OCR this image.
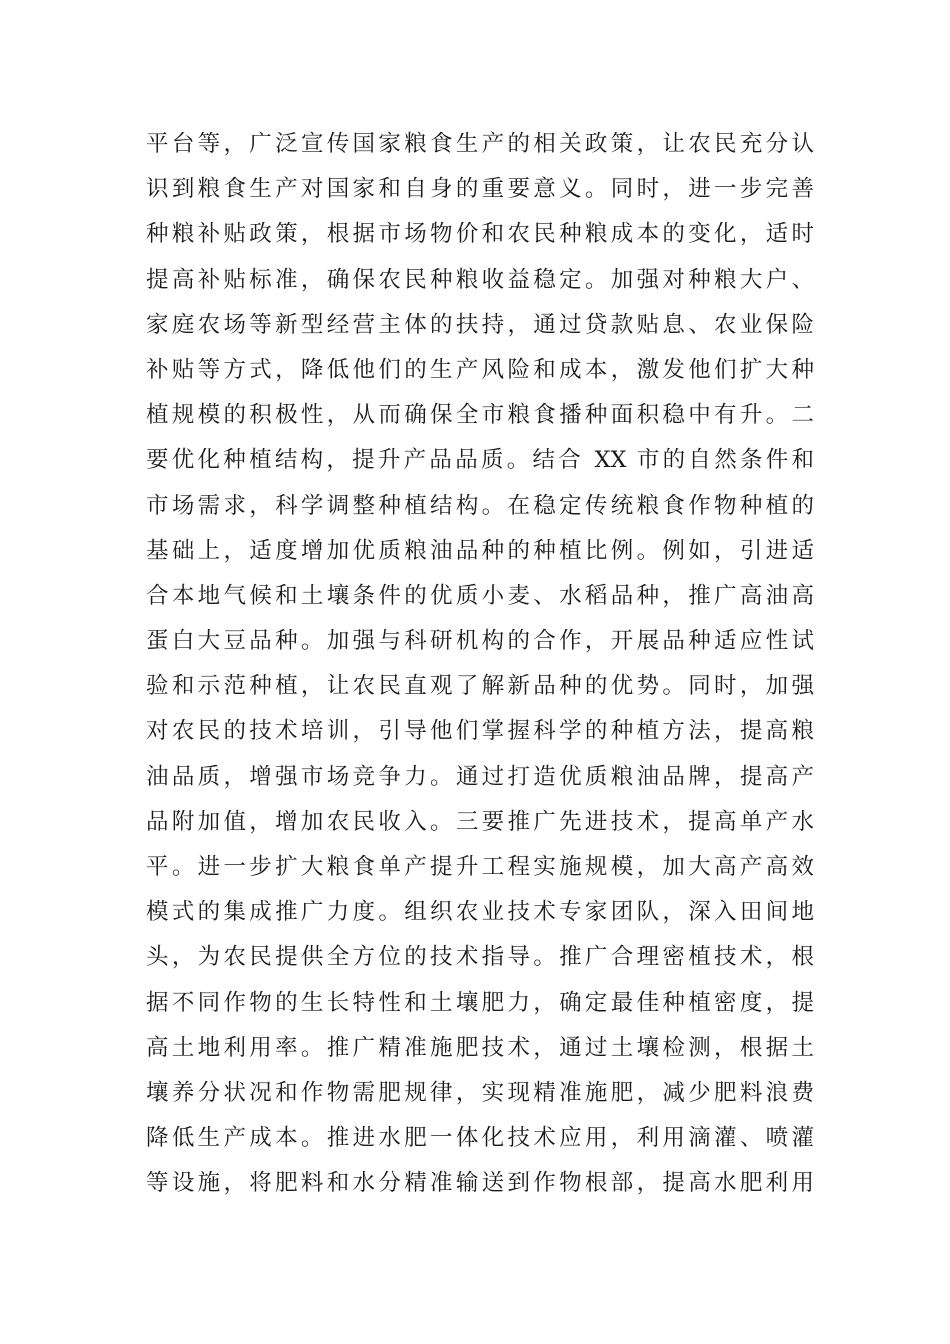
平台等，广泛宣传国家粮食生产的相关政策，让农民充分认
识到粮食生产对国家和自身的重要意义。同时，进一步完善
种粮补贴政策，根据市场物价和农民种粮成本的变化，适时
提高补贴标准，确保农民种粮收益稳定。加强对种粮大户、
家庭农场等新型经营主体的扶持，通过贷款贴息、农业保险
补贴等方式，降低他们的生产风险和成本，激发他们扩大种
植规模的积极性，从而确保全市粮食播种面积稳中有升。二
要优化种植结构，提升产品品质。结合 XX 市的自然条件和
市场需求，科学调整种植结构。在稳定传统粮食作物种植的
基础上，适度增加优质粮油品种的种植比例。例如，引进适
合本地气候和土壤条件的优质小麦、水稻品种，推广高油高
蛋白大豆品种。加强与科研机构的合作，开展品种适应性试
验和示范种植，让农民直观了解新品种的优势。同时，加强
对农民的技术培训，引导他们掌握科学的种植方法，提高粮
油品质，增强市场竞争力。通过打造优质粮油品牌，提高产
品附加值，增加农民收入。三要推广先进技术，提高单产水
平。进一步扩大粮食单产提升工程实施规模，加大高产高效
模式的集成推广力度。组织农业技术专家团队，深入田间地
头，为农民提供全方位的技术指导。推广合理密植技术，根
据不同作物的生长特性和土壤肥力，确定最佳种植密度，提
高土地利用率。推广精准施肥技术，通过土壤检测，根据土
壤养分状况和作物需肥规律，实现精准施肥，减少肥料浪费
降低生产成本。推进水肥一体化技术应用，利用滴灌、喷灌
等设施，将肥料和水分精准输送到作物根部，提高水肥利用
